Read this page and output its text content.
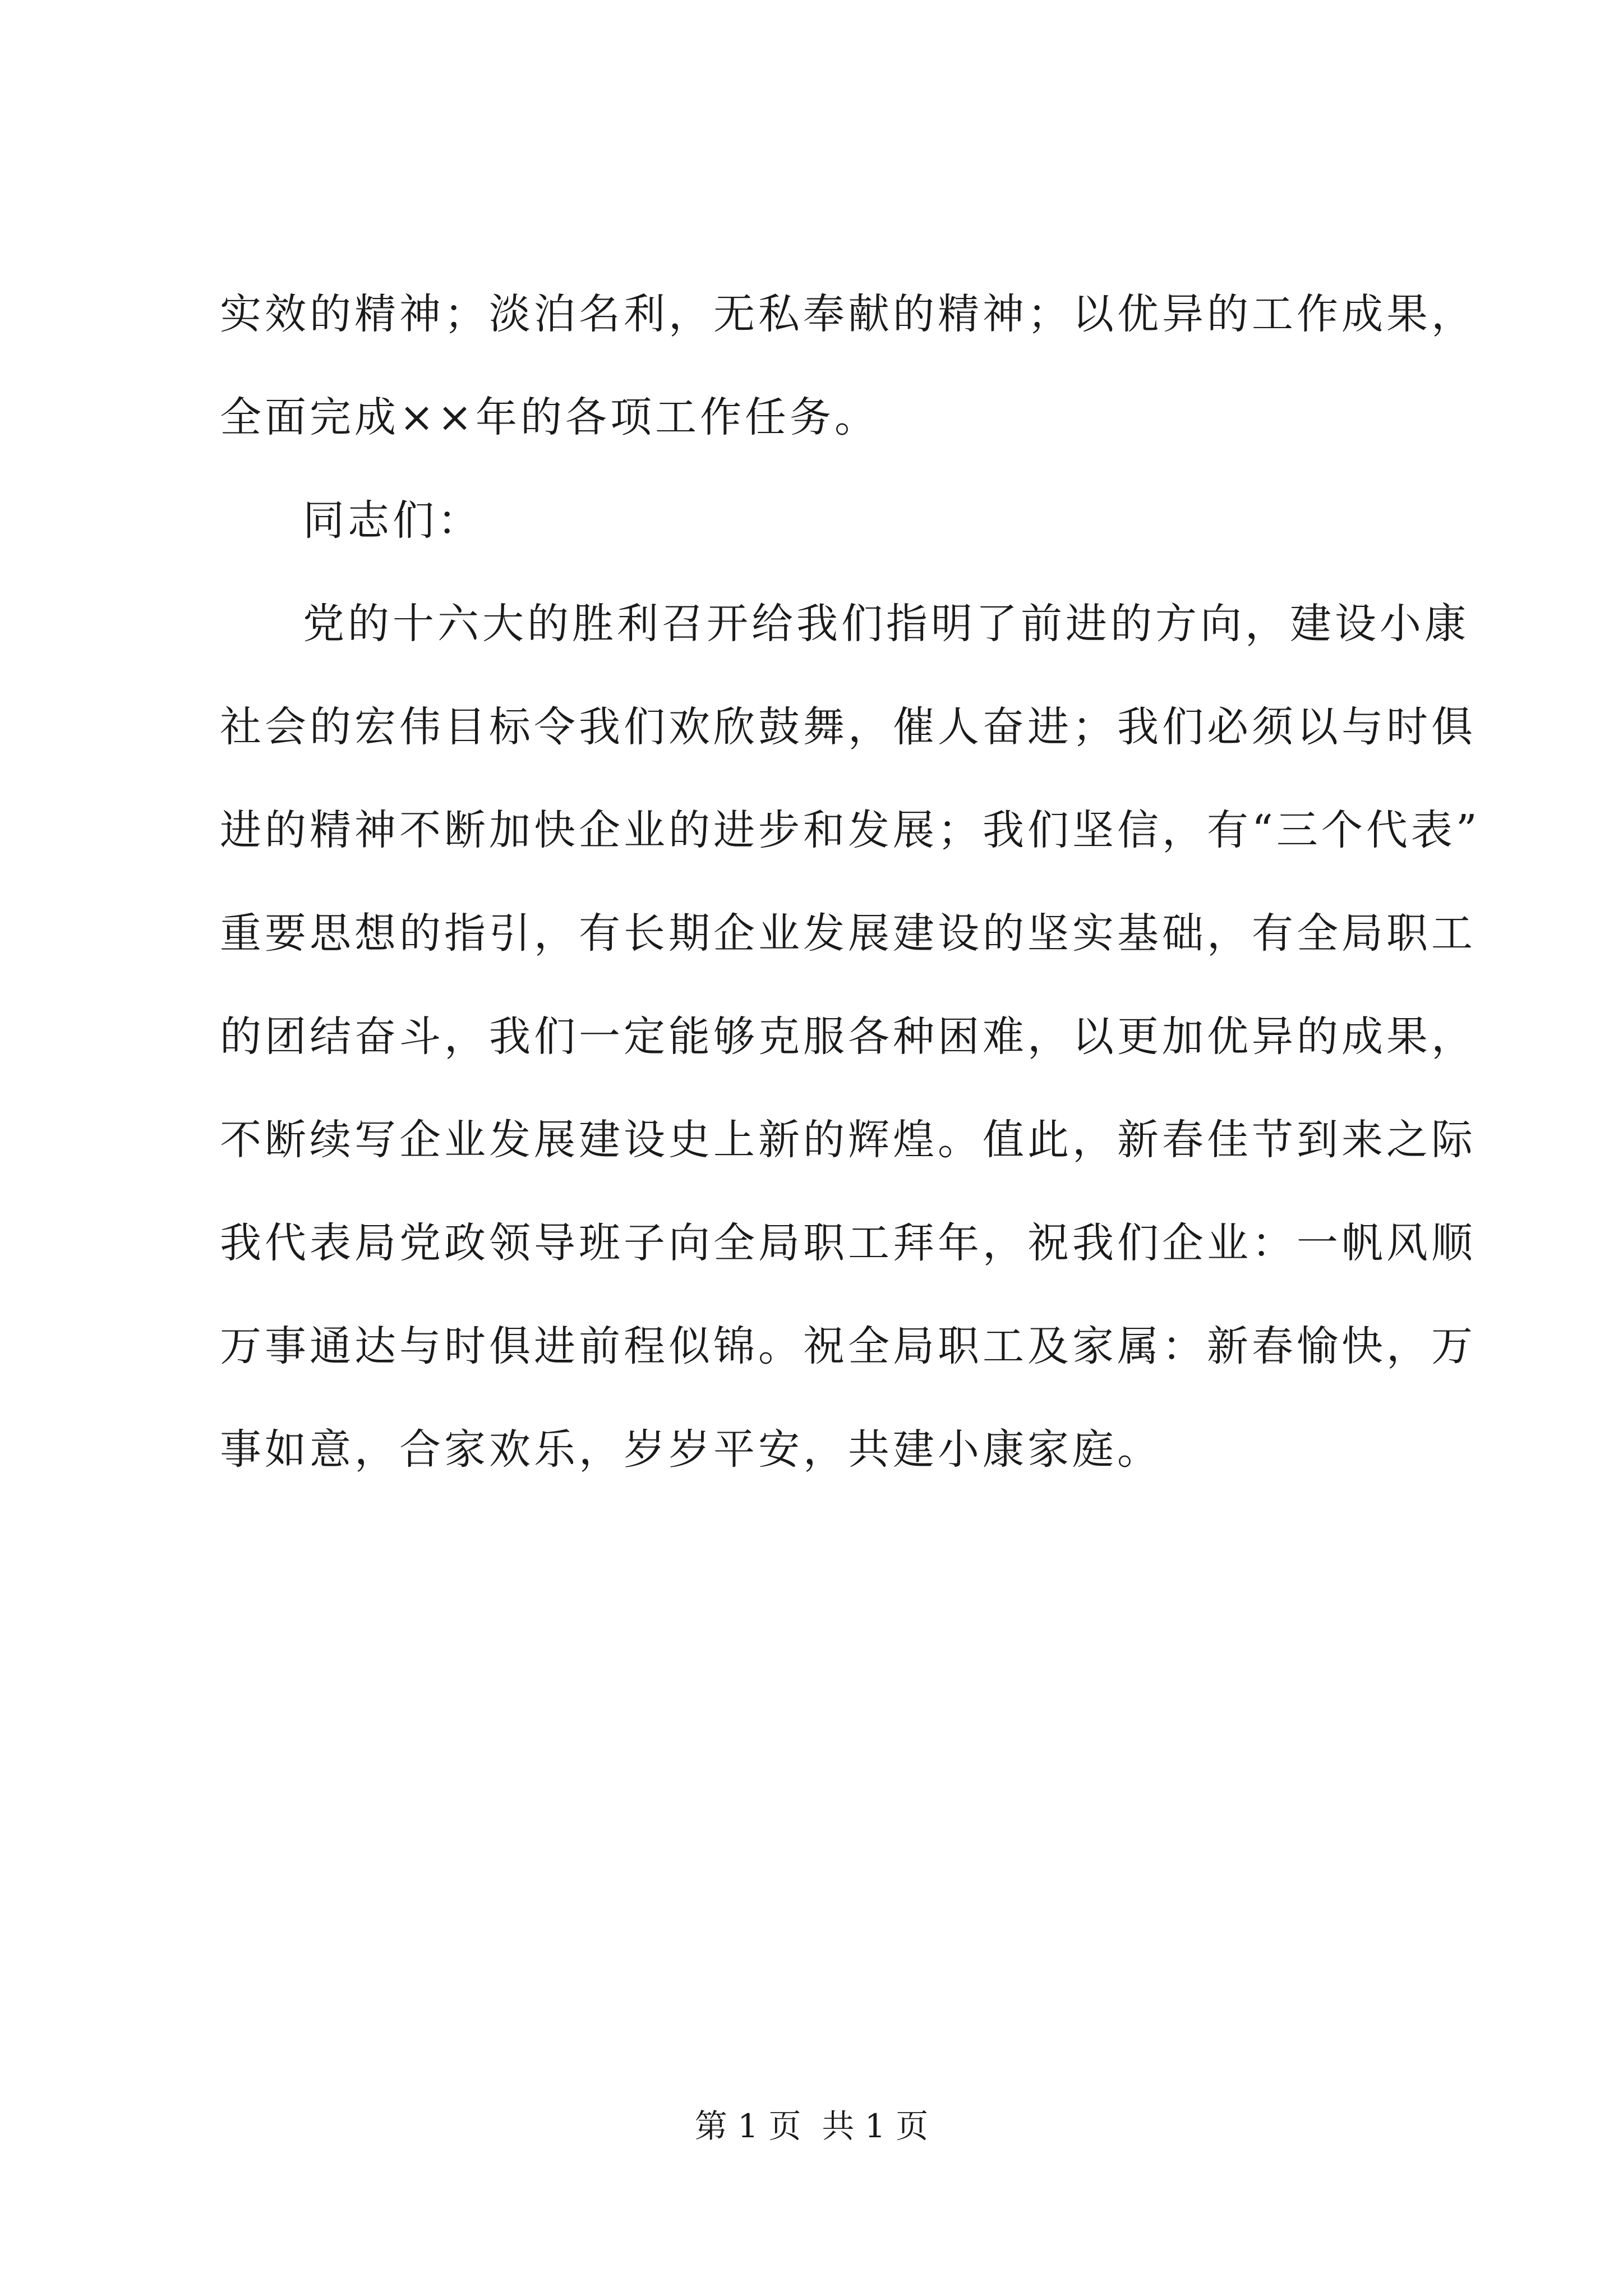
实效的精神；淡泊名利，无私奉献的精神；以优异的工作成果，
全面完成××年的各项工作任务。
同志们：
党的十六大的胜利召开给我们指明了前进的方向，建设小康
社会的宏伟目标令我们欢欣鼓舞，催人奋进；我们必须以与时俱
进的精神不断加快企业的进步和发展；我们坚信，有“三个代表”
重要思想的指引，有长期企业发展建设的坚实基础，有全局职工
的团结奋斗，我们一定能够克服各种困难，以更加优异的成果，
不断续写企业发展建设史上新的辉煌。值此，新春佳节到来之际
我代表局党政领导班子向全局职工拜年，祝我们企业：一帆风顺
万事通达与时俱进前程似锦。祝全局职工及家属：新春愉快，万
事如意，合家欢乐，岁岁平安，共建小康家庭。
第 1 页  共 1 页
